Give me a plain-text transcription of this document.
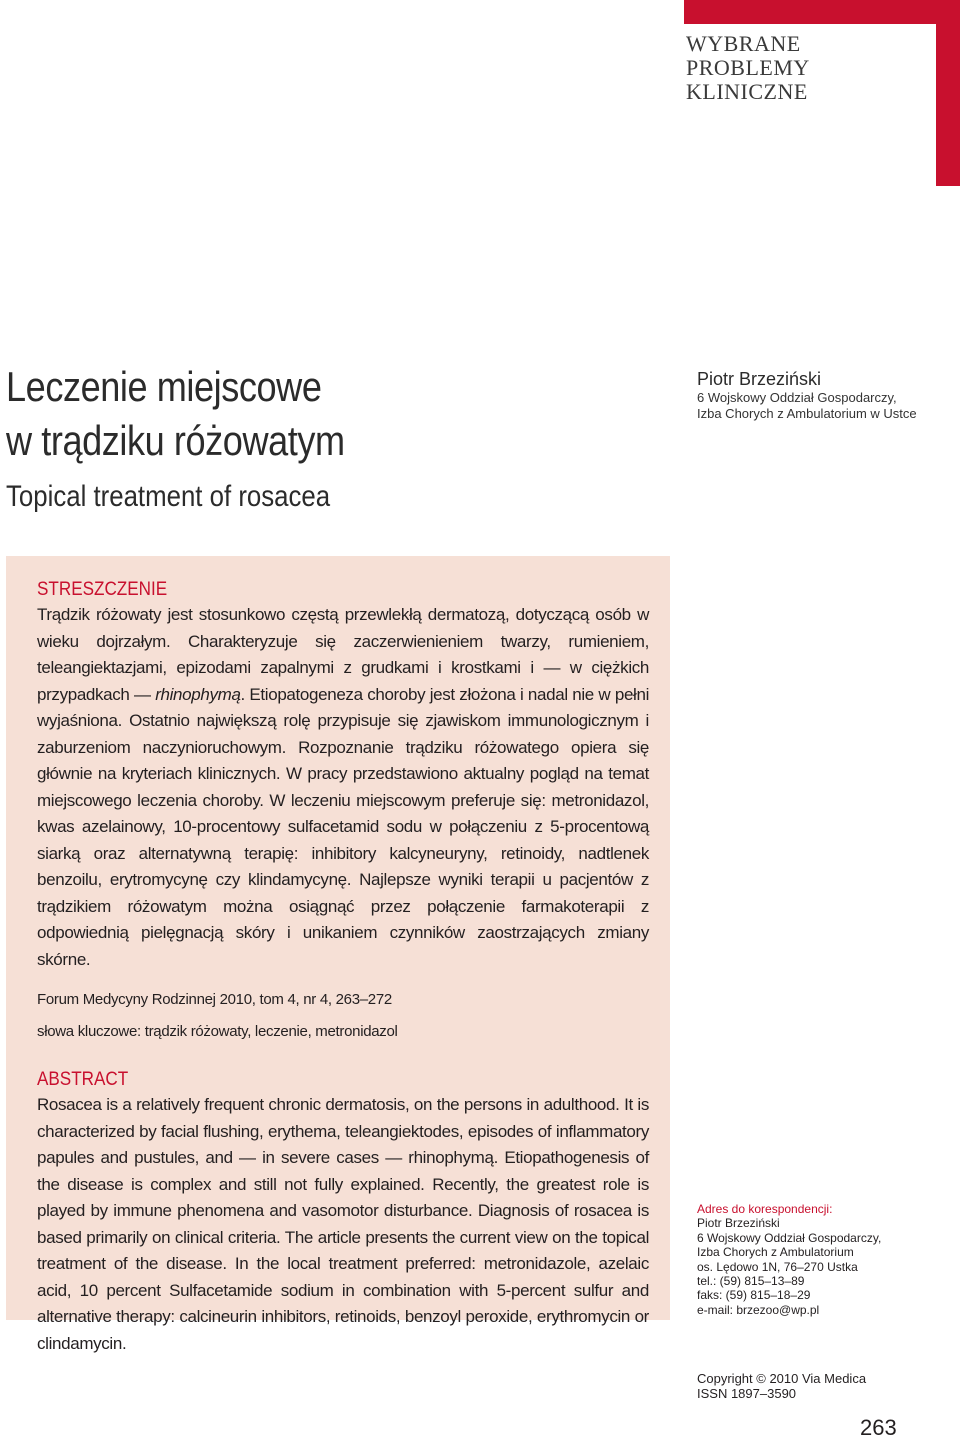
WYBRANE
PROBLEMY
KLINICZNE
Leczenie miejscowe
w trądziku różowatym
Topical treatment of rosacea
Piotr Brzeziński
6 Wojskowy Oddział Gospodarczy,
Izba Chorych z Ambulatorium w Ustce
STRESZCZENIE

Trądzik różowaty jest stosunkowo częstą przewlekłą dermatozą, dotyczącą osób w wieku dojrzałym. Charakteryzuje się zaczerwienieniem twarzy, rumieniem, teleangiektazjami, epizodami zapalnymi z grudkami i krostkami i — w ciężkich przypadkach — rhinophymą. Etiopatogeneza choroby jest złożona i nadal nie w pełni wyjaśniona. Ostatnio największą rolę przypisuje się zjawiskom immunologicznym i zaburzeniom naczynioruchowym. Rozpoznanie trądziku różowatego opiera się głównie na kryteriach klinicznych. W pracy przedstawiono aktualny pogląd na temat miejscowego leczenia choroby. W leczeniu miejscowym preferuje się: metronidazol, kwas azelainowy, 10-procentowy sulfacetamid sodu w połączeniu z 5-procentową siarką oraz alternatywną terapię: inhibitory kalcyneuryny, retinoidy, nadtlenek benzoilu, erytromycynę czy klindamycynę. Najlepsze wyniki terapii u pacjentów z trądzikiem różowatym można osiągnąć przez połączenie farmakoterapii z odpowiednią pielęgnacją skóry i unikaniem czynników zaostrzających zmiany skórne.

Forum Medycyny Rodzinnej 2010, tom 4, nr 4, 263–272
słowa kluczowe: trądzik różowaty, leczenie, metronidazol
ABSTRACT

Rosacea is a relatively frequent chronic dermatosis, on the persons in adulthood. It is characterized by facial flushing, erythema, teleangiektodes, episodes of inflammatory papules and pustules, and — in severe cases — rhinophymą. Etiopathogenesis of the disease is complex and still not fully explained. Recently, the greatest role is played by immune phenomena and vasomotor disturbance. Diagnosis of rosacea is based primarily on clinical criteria. The article presents the current view on the topical treatment of the disease. In the local treatment preferred: metronidazole, azelaic acid, 10 percent Sulfacetamide sodium in combination with 5-percent sulfur and alternative therapy: calcineurin inhibitors, retinoids, benzoyl peroxide, erythromycin or clindamycin.

Adres do korespondencji:
Piotr Brzeziński
6 Wojskowy Oddział Gospodarczy,
Izba Chorych z Ambulatorium
os. Lędowo 1N, 76–270 Ustka
tel.: (59) 815–13–89
faks: (59) 815–18–29
e-mail: brzezoo@wp.pl
Copyright © 2010 Via Medica
ISSN 1897–3590
263
